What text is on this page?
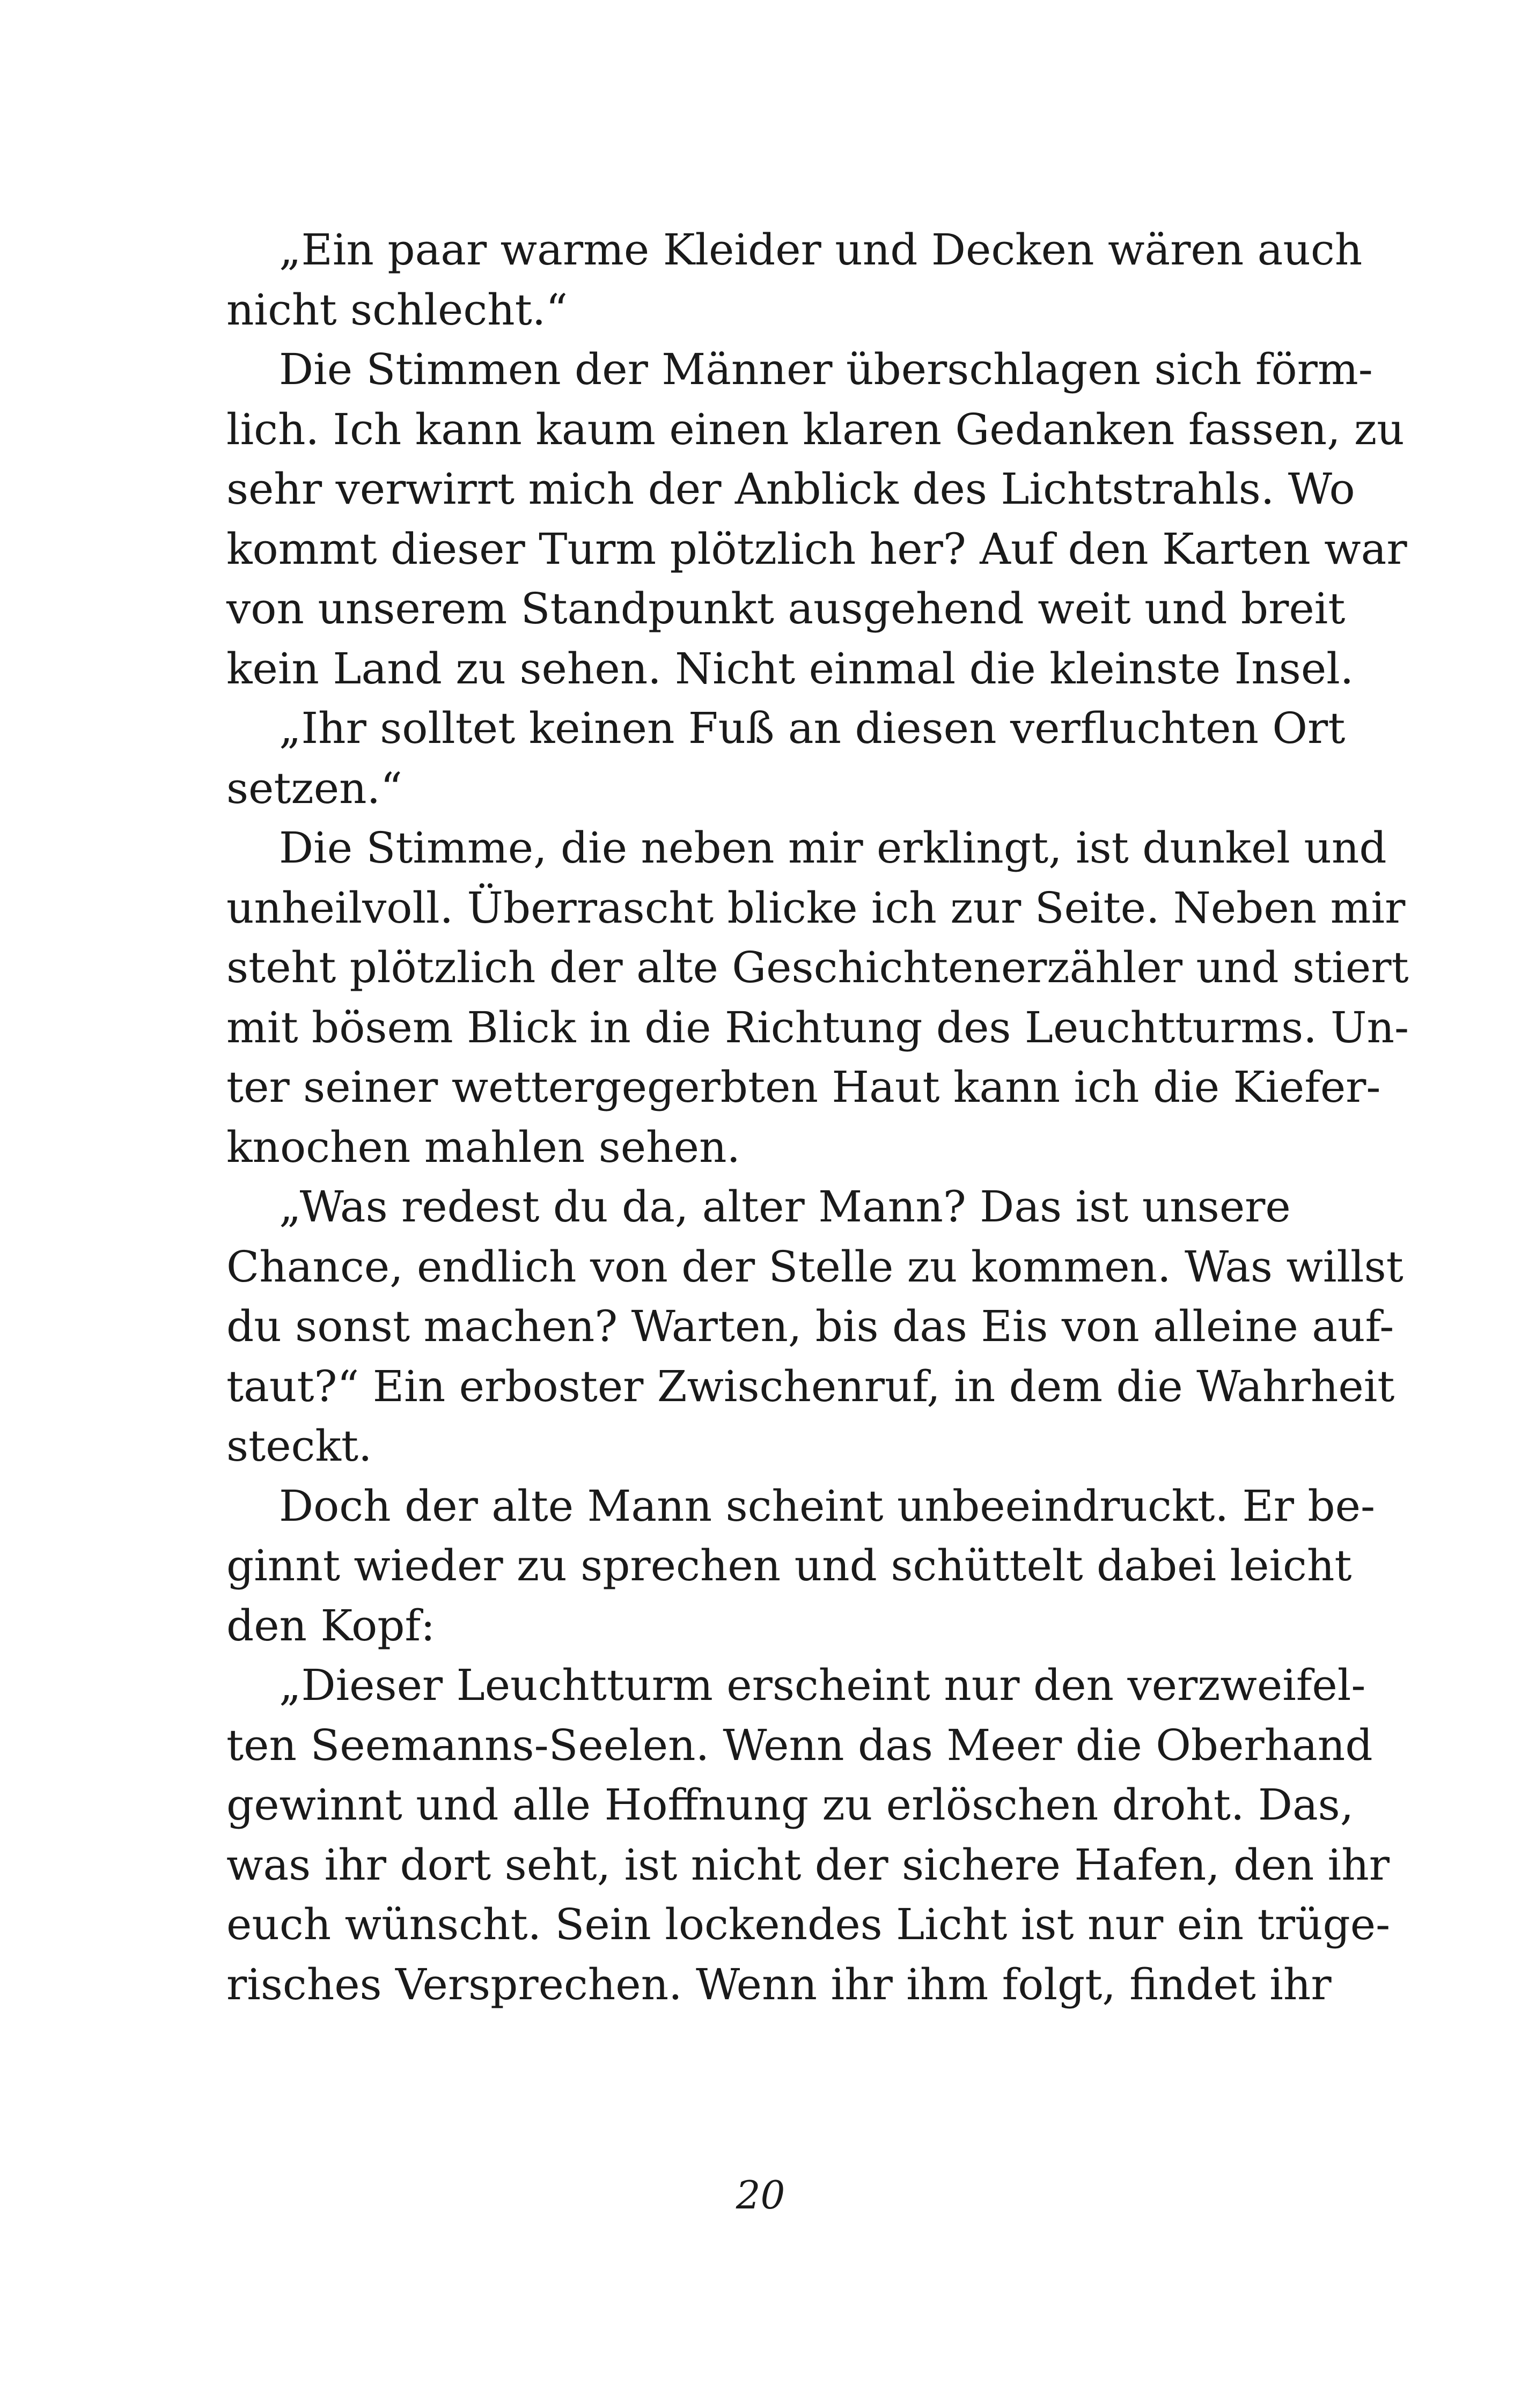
„Ein paar warme Kleider und Decken wären auch
nicht schlecht.“
Die Stimmen der Männer überschlagen sich förm-
lich. Ich kann kaum einen klaren Gedanken fassen, zu
sehr verwirrt mich der Anblick des Lichtstrahls. Wo
kommt dieser Turm plötzlich her? Auf den Karten war
von unserem Standpunkt ausgehend weit und breit
kein Land zu sehen. Nicht einmal die kleinste Insel.
„Ihr solltet keinen Fuß an diesen verfluchten Ort
setzen.“
Die Stimme, die neben mir erklingt, ist dunkel und
unheilvoll. Überrascht blicke ich zur Seite. Neben mir
steht plötzlich der alte Geschichtenerzähler und stiert
mit bösem Blick in die Richtung des Leuchtturms. Un-
ter seiner wettergegerbten Haut kann ich die Kiefer-
knochen mahlen sehen.
„Was redest du da, alter Mann? Das ist unsere
Chance, endlich von der Stelle zu kommen. Was willst
du sonst machen? Warten, bis das Eis von alleine auf-
taut?“ Ein erboster Zwischenruf, in dem die Wahrheit
steckt.
Doch der alte Mann scheint unbeeindruckt. Er be-
ginnt wieder zu sprechen und schüttelt dabei leicht
den Kopf:
„Dieser Leuchtturm erscheint nur den verzweifel-
ten Seemanns-Seelen. Wenn das Meer die Oberhand
gewinnt und alle Hoffnung zu erlöschen droht. Das,
was ihr dort seht, ist nicht der sichere Hafen, den ihr
euch wünscht. Sein lockendes Licht ist nur ein trüge-
risches Versprechen. Wenn ihr ihm folgt, findet ihr
20
